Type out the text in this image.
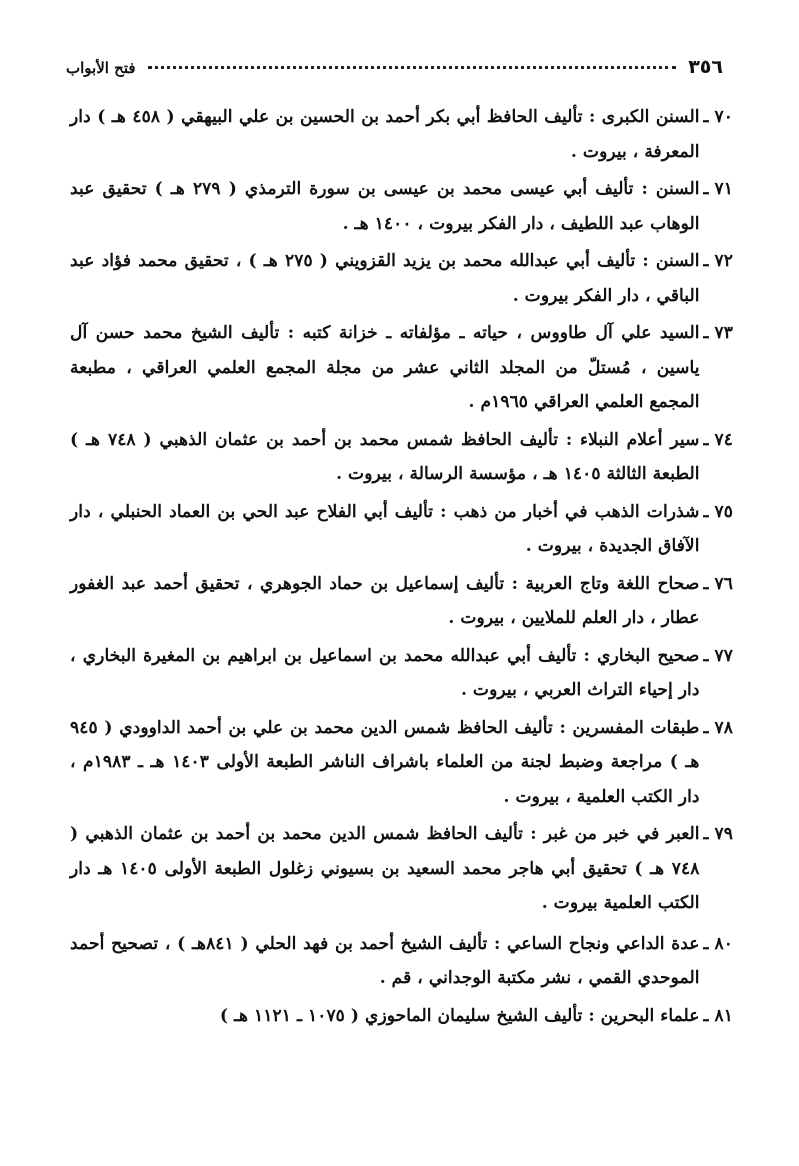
٣٥٦
فتح الأبواب
٧٠ ـ
السنن الكبرى : تأليف الحافظ أبي بكر أحمد بن الحسين بن علي البيهقي ( ٤٥٨ هـ ) دار المعرفة ، بيروت .
٧١ ـ
السنن : تأليف أبي عيسى محمد بن عيسى بن سورة الترمذي ( ٢٧٩ هـ ) تحقيق عبد الوهاب عبد اللطيف ، دار الفكر بيروت ، ١٤٠٠ هـ .
٧٢ ـ
السنن : تأليف أبي عبدالله محمد بن يزيد القزويني ( ٢٧٥ هـ ) ، تحقيق محمد فؤاد عبد الباقي ، دار الفكر بيروت .
٧٣ ـ
السيد علي آل طاووس ، حياته ـ مؤلفاته ـ خزانة كتبه : تأليف الشيخ محمد حسن آل ياسين ، مُستلّ من المجلد الثاني عشر من مجلة المجمع العلمي العراقي ، مطبعة المجمع العلمي العراقي ١٩٦٥م .
٧٤ ـ
سير أعلام النبلاء : تأليف الحافظ شمس محمد بن أحمد بن عثمان الذهبي ( ٧٤٨ هـ ) الطبعة الثالثة ١٤٠٥ هـ ، مؤسسة الرسالة ، بيروت .
٧٥ ـ
شذرات الذهب في أخبار من ذهب : تأليف أبي الفلاح عبد الحي بن العماد الحنبلي ، دار الآفاق الجديدة ، بيروت .
٧٦ ـ
صحاح اللغة وتاج العربية : تأليف إسماعيل بن حماد الجوهري ، تحقيق أحمد عبد الغفور عطار ، دار العلم للملايين ، بيروت .
٧٧ ـ
صحيح البخاري : تأليف أبي عبدالله محمد بن اسماعيل بن ابراهيم بن المغيرة البخاري ، دار إحياء التراث العربي ، بيروت .
٧٨ ـ
طبقات المفسرين : تأليف الحافظ شمس الدين محمد بن علي بن أحمد الداوودي ( ٩٤٥ هـ ) مراجعة وضبط لجنة من العلماء باشراف الناشر الطبعة الأولى ١٤٠٣ هـ ـ ١٩٨٣م ، دار الكتب العلمية ، بيروت .
٧٩ ـ
العبر في خبر من غبر : تأليف الحافظ شمس الدين محمد بن أحمد بن عثمان الذهبي ( ٧٤٨ هـ ) تحقيق أبي هاجر محمد السعيد بن بسيوني زغلول الطبعة الأولى ١٤٠٥ هـ دار الكتب العلمية بيروت .
٨٠ ـ
عدة الداعي ونجاح الساعي : تأليف الشيخ أحمد بن فهد الحلي ( ٨٤١هـ ) ، تصحيح أحمد الموحدي القمي ، نشر مكتبة الوجداني ، قم .
٨١ ـ
علماء البحرين : تأليف الشيخ سليمان الماحوزي ( ١٠٧٥ ـ ١١٢١ هـ )
